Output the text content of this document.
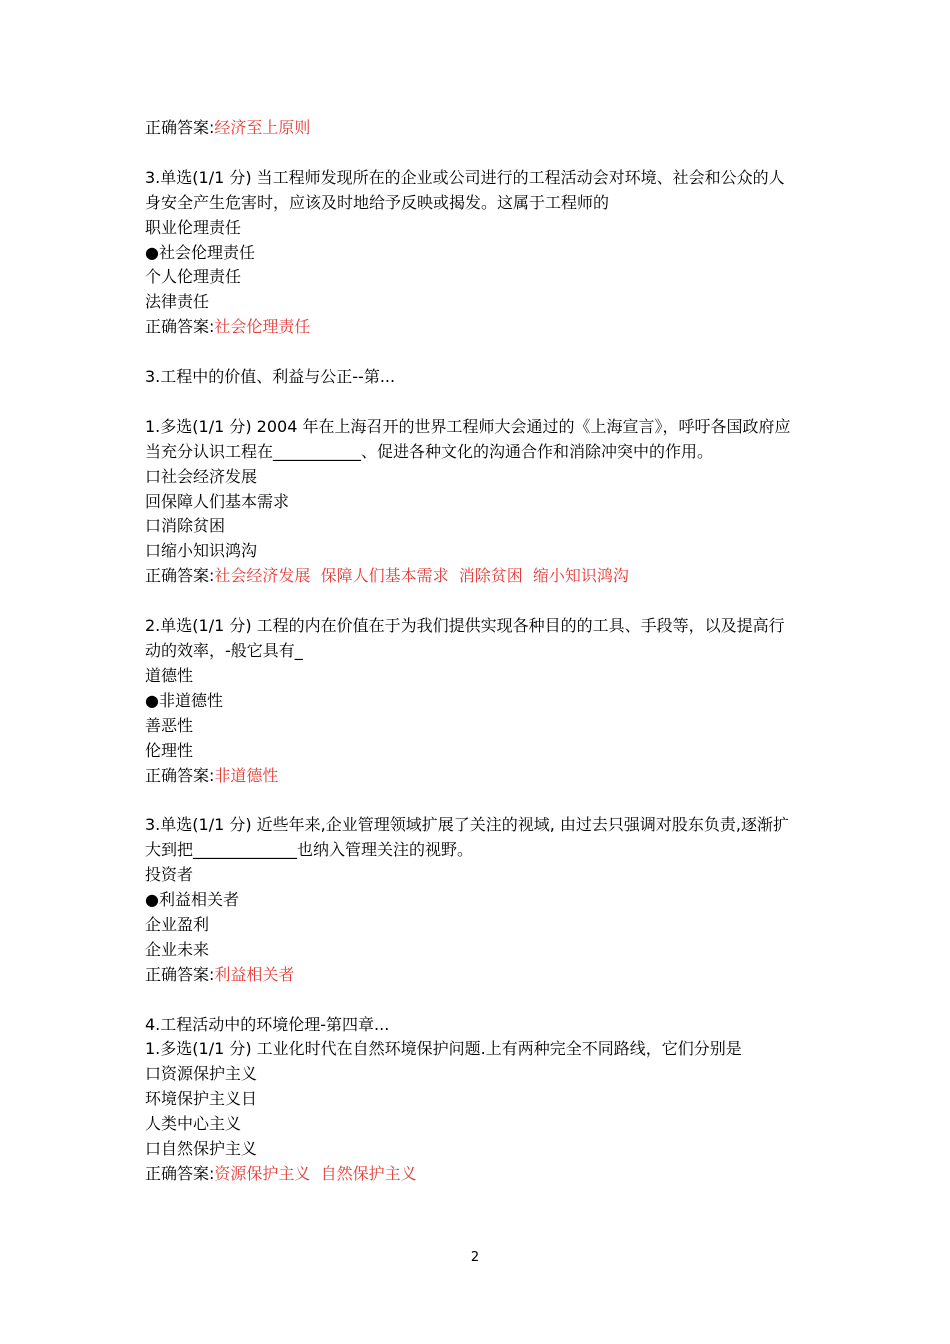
正确答案:经济至上原则
3.单选(1/1 分) 当工程师发现所在的企业或公司进行的工程活动会对环境、社会和公众的人
身安全产生危害时，应该及时地给予反映或揭发。这属于工程师的
职业伦理责任
●社会伦理责任
个人伦理责任
法律责任
正确答案:社会伦理责任
3.工程中的价值、利益与公正--第...
1.多选(1/1 分) 2004 年在上海召开的世界工程师大会通过的《上海宣言》，呼吁各国政府应
当充分认识工程在___________、促进各种文化的沟通合作和消除冲突中的作用。
口社会经济发展
回保障人们基本需求
口消除贫困
口缩小知识鸿沟
正确答案:社会经济发展  保障人们基本需求  消除贫困  缩小知识鸿沟
2.单选(1/1 分) 工程的内在价值在于为我们提供实现各种目的的工具、手段等，以及提高行
动的效率，-般它具有_
道德性
●非道德性
善恶性
伦理性
正确答案:非道德性
3.单选(1/1 分) 近些年来,企业管理领域扩展了关注的视域, 由过去只强调对股东负责,逐渐扩
大到把_____________也纳入管理关注的视野。
投资者
●利益相关者
企业盈利
企业未来
正确答案:利益相关者
4.工程活动中的环境伦理-第四章...
1.多选(1/1 分) 工业化时代在自然环境保护问题.上有两种完全不同路线，它们分别是
口资源保护主义
环境保护主义日
人类中心主义
口自然保护主义
正确答案:资源保护主义  自然保护主义
2
